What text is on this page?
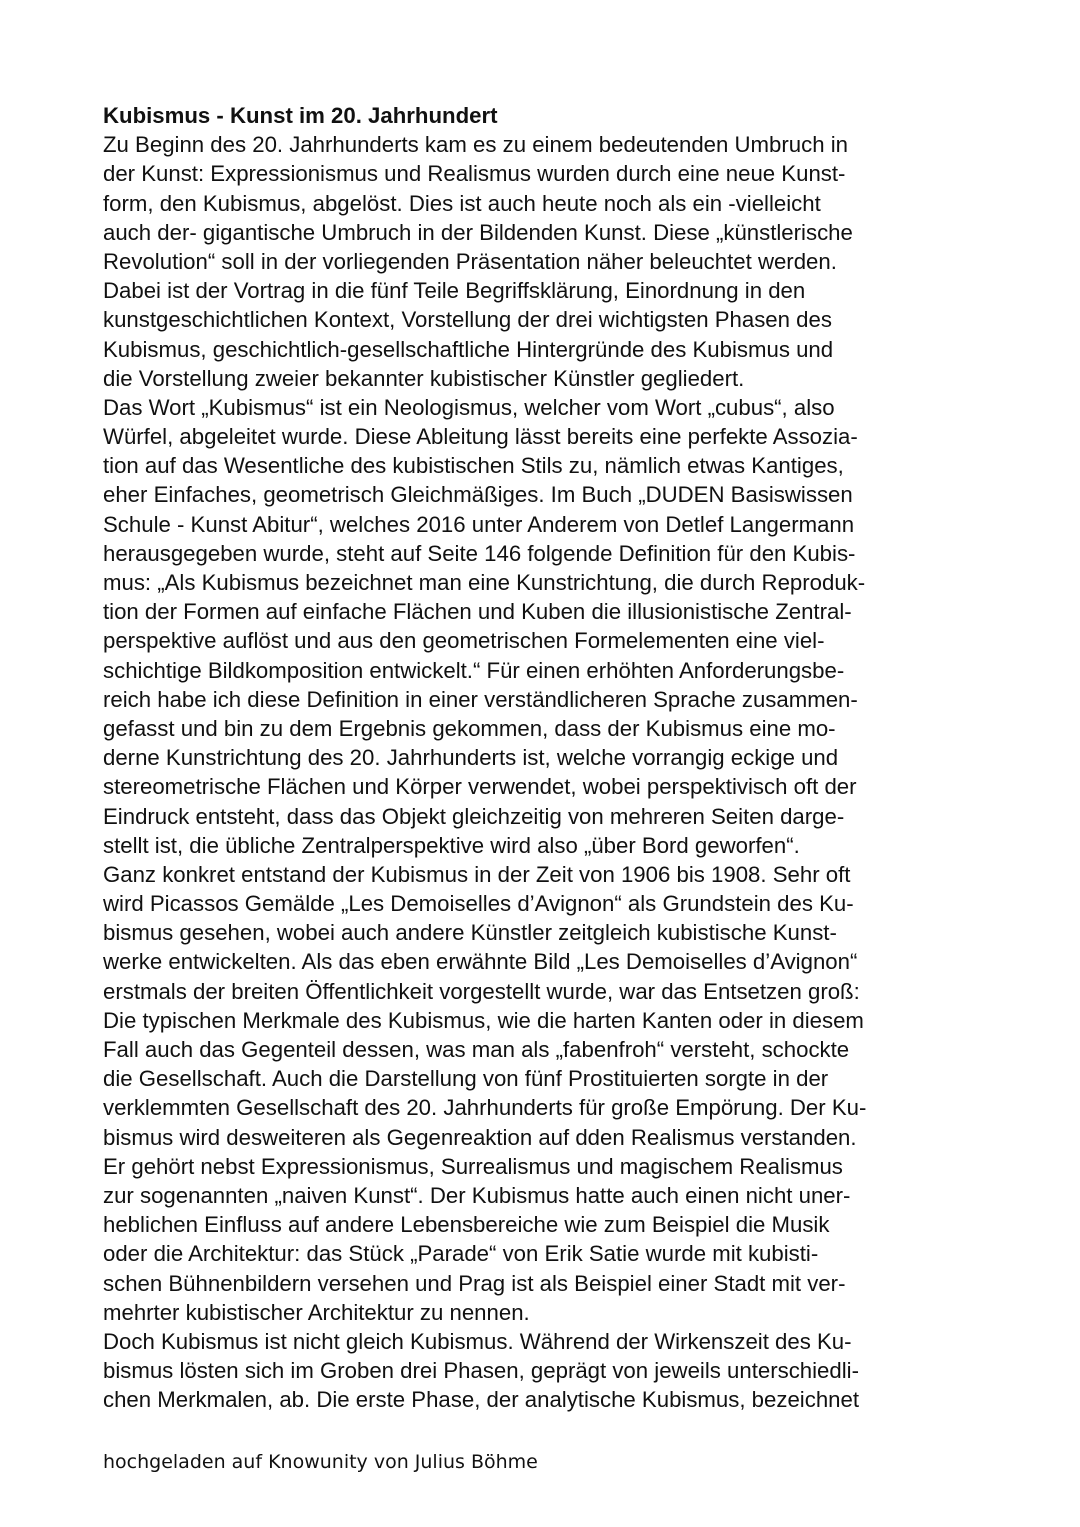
Kubismus - Kunst im 20. Jahrhundert

Zu Beginn des 20. Jahrhunderts kam es zu einem bedeutenden Umbruch in

der Kunst: Expressionismus und Realismus wurden durch eine neue Kunst-

form, den Kubismus, abgelöst. Dies ist auch heute noch als ein -vielleicht

auch der- gigantische Umbruch in der Bildenden Kunst. Diese „künstlerische

Revolution“ soll in der vorliegenden Präsentation näher beleuchtet werden.

Dabei ist der Vortrag in die fünf Teile Begriffsklärung, Einordnung in den

kunstgeschichtlichen Kontext, Vorstellung der drei wichtigsten Phasen des

Kubismus, geschichtlich-gesellschaftliche Hintergründe des Kubismus und

die Vorstellung zweier bekannter kubistischer Künstler gegliedert.

Das Wort „Kubismus“ ist ein Neologismus, welcher vom Wort „cubus“, also

Würfel, abgeleitet wurde. Diese Ableitung lässt bereits eine perfekte Assozia-

tion auf das Wesentliche des kubistischen Stils zu, nämlich etwas Kantiges,

eher Einfaches, geometrisch Gleichmäßiges. Im Buch „DUDEN Basiswissen

Schule - Kunst Abitur“, welches 2016 unter Anderem von Detlef Langermann

herausgegeben wurde, steht auf Seite 146 folgende Definition für den Kubis-

mus: „Als Kubismus bezeichnet man eine Kunstrichtung, die durch Reproduk-

tion der Formen auf einfache Flächen und Kuben die illusionistische Zentral-

perspektive auflöst und aus den geometrischen Formelementen eine viel-

schichtige Bildkomposition entwickelt.“ Für einen erhöhten Anforderungsbe-

reich habe ich diese Definition in einer verständlicheren Sprache zusammen-

gefasst und bin zu dem Ergebnis gekommen, dass der Kubismus eine mo-

derne Kunstrichtung des 20. Jahrhunderts ist, welche vorrangig eckige und

stereometrische Flächen und Körper verwendet, wobei perspektivisch oft der

Eindruck entsteht, dass das Objekt gleichzeitig von mehreren Seiten darge-

stellt ist, die übliche Zentralperspektive wird also „über Bord geworfen“.

Ganz konkret entstand der Kubismus in der Zeit von 1906 bis 1908. Sehr oft

wird Picassos Gemälde „Les Demoiselles d’Avignon“ als Grundstein des Ku-

bismus gesehen, wobei auch andere Künstler zeitgleich kubistische Kunst-

werke entwickelten. Als das eben erwähnte Bild „Les Demoiselles d’Avignon“

erstmals der breiten Öffentlichkeit vorgestellt wurde, war das Entsetzen groß:

Die typischen Merkmale des Kubismus, wie die harten Kanten oder in diesem

Fall auch das Gegenteil dessen, was man als „fabenfroh“ versteht, schockte

die Gesellschaft. Auch die Darstellung von fünf Prostituierten sorgte in der

verklemmten Gesellschaft des 20. Jahrhunderts für große Empörung. Der Ku-

bismus wird desweiteren als Gegenreaktion auf dden Realismus verstanden.

Er gehört nebst Expressionismus, Surrealismus und magischem Realismus

zur sogenannten „naiven Kunst“. Der Kubismus hatte auch einen nicht uner-

heblichen Einfluss auf andere Lebensbereiche wie zum Beispiel die Musik

oder die Architektur: das Stück „Parade“ von Erik Satie wurde mit kubisti-

schen Bühnenbildern versehen und Prag ist als Beispiel einer Stadt mit ver-

mehrter kubistischer Architektur zu nennen.

Doch Kubismus ist nicht gleich Kubismus. Während der Wirkenszeit des Ku-

bismus lösten sich im Groben drei Phasen, geprägt von jeweils unterschiedli-

chen Merkmalen, ab. Die erste Phase, der analytische Kubismus, bezeichnet

hochgeladen auf Knowunity von Julius Böhme
